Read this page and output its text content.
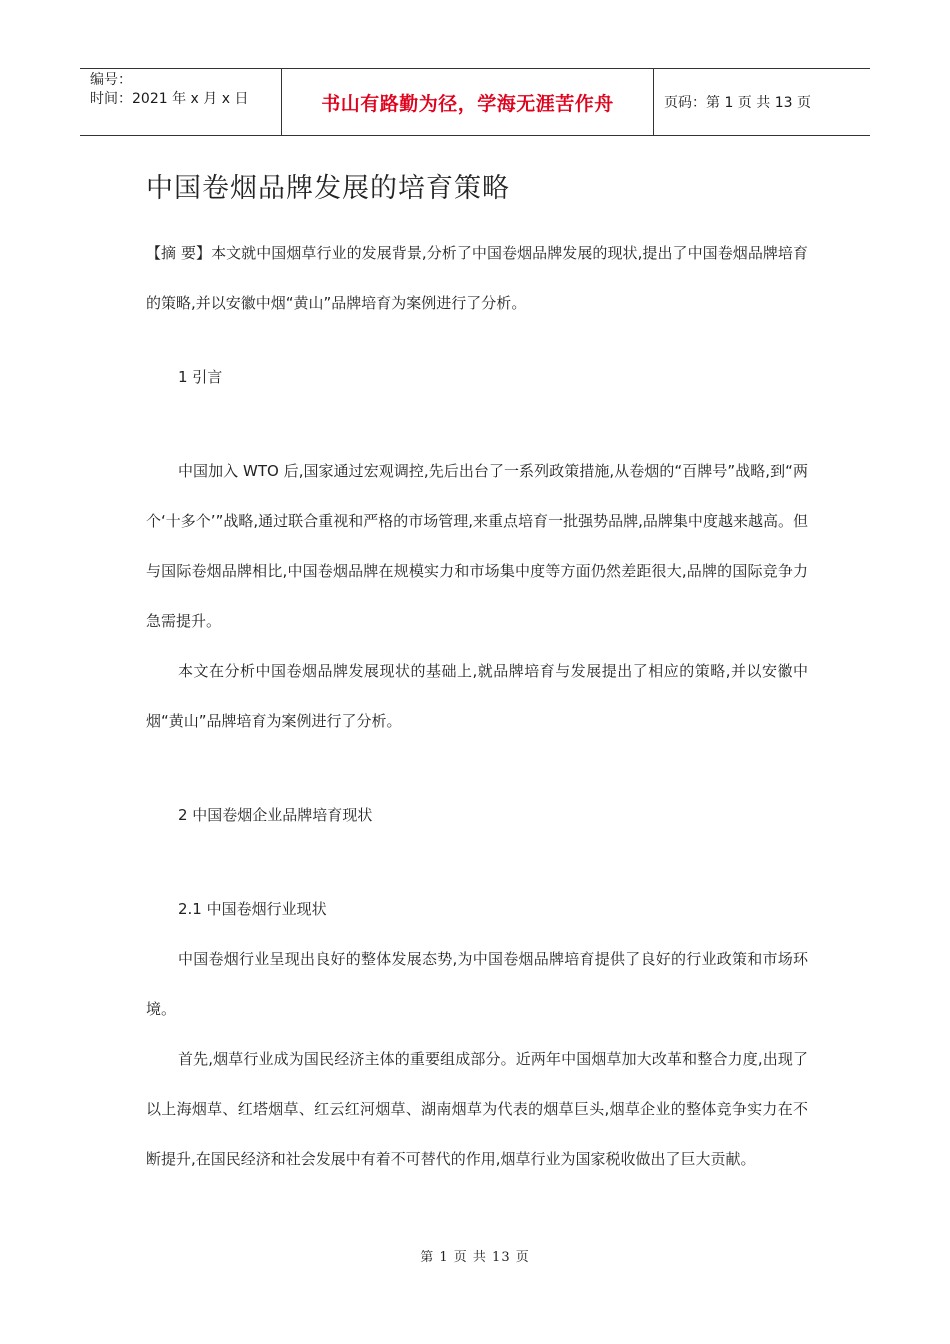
编号：
时间：2021 年 x 月 x 日	书山有路勤为径，学海无涯苦作舟	页码：第 1 页 共 13 页
中国卷烟品牌发展的培育策略

【摘 要】本文就中国烟草行业的发展背景,分析了中国卷烟品牌发展的现状,提出了中国卷烟品牌培育的策略,并以安徽中烟“黄山”品牌培育为案例进行了分析。

1 引言

中国加入 WTO 后,国家通过宏观调控,先后出台了一系列政策措施,从卷烟的“百牌号”战略,到“两个‘十多个’”战略,通过联合重视和严格的市场管理,来重点培育一批强势品牌,品牌集中度越来越高。但与国际卷烟品牌相比,中国卷烟品牌在规模实力和市场集中度等方面仍然差距很大,品牌的国际竞争力急需提升。

本文在分析中国卷烟品牌发展现状的基础上,就品牌培育与发展提出了相应的策略,并以安徽中烟“黄山”品牌培育为案例进行了分析。

2 中国卷烟企业品牌培育现状

2.1 中国卷烟行业现状

中国卷烟行业呈现出良好的整体发展态势,为中国卷烟品牌培育提供了良好的行业政策和市场环境。

首先,烟草行业成为国民经济主体的重要组成部分。近两年中国烟草加大改革和整合力度,出现了以上海烟草、红塔烟草、红云红河烟草、湖南烟草为代表的烟草巨头,烟草企业的整体竞争实力在不断提升,在国民经济和社会发展中有着不可替代的作用,烟草行业为国家税收做出了巨大贡献。

第 1 页 共 13 页
